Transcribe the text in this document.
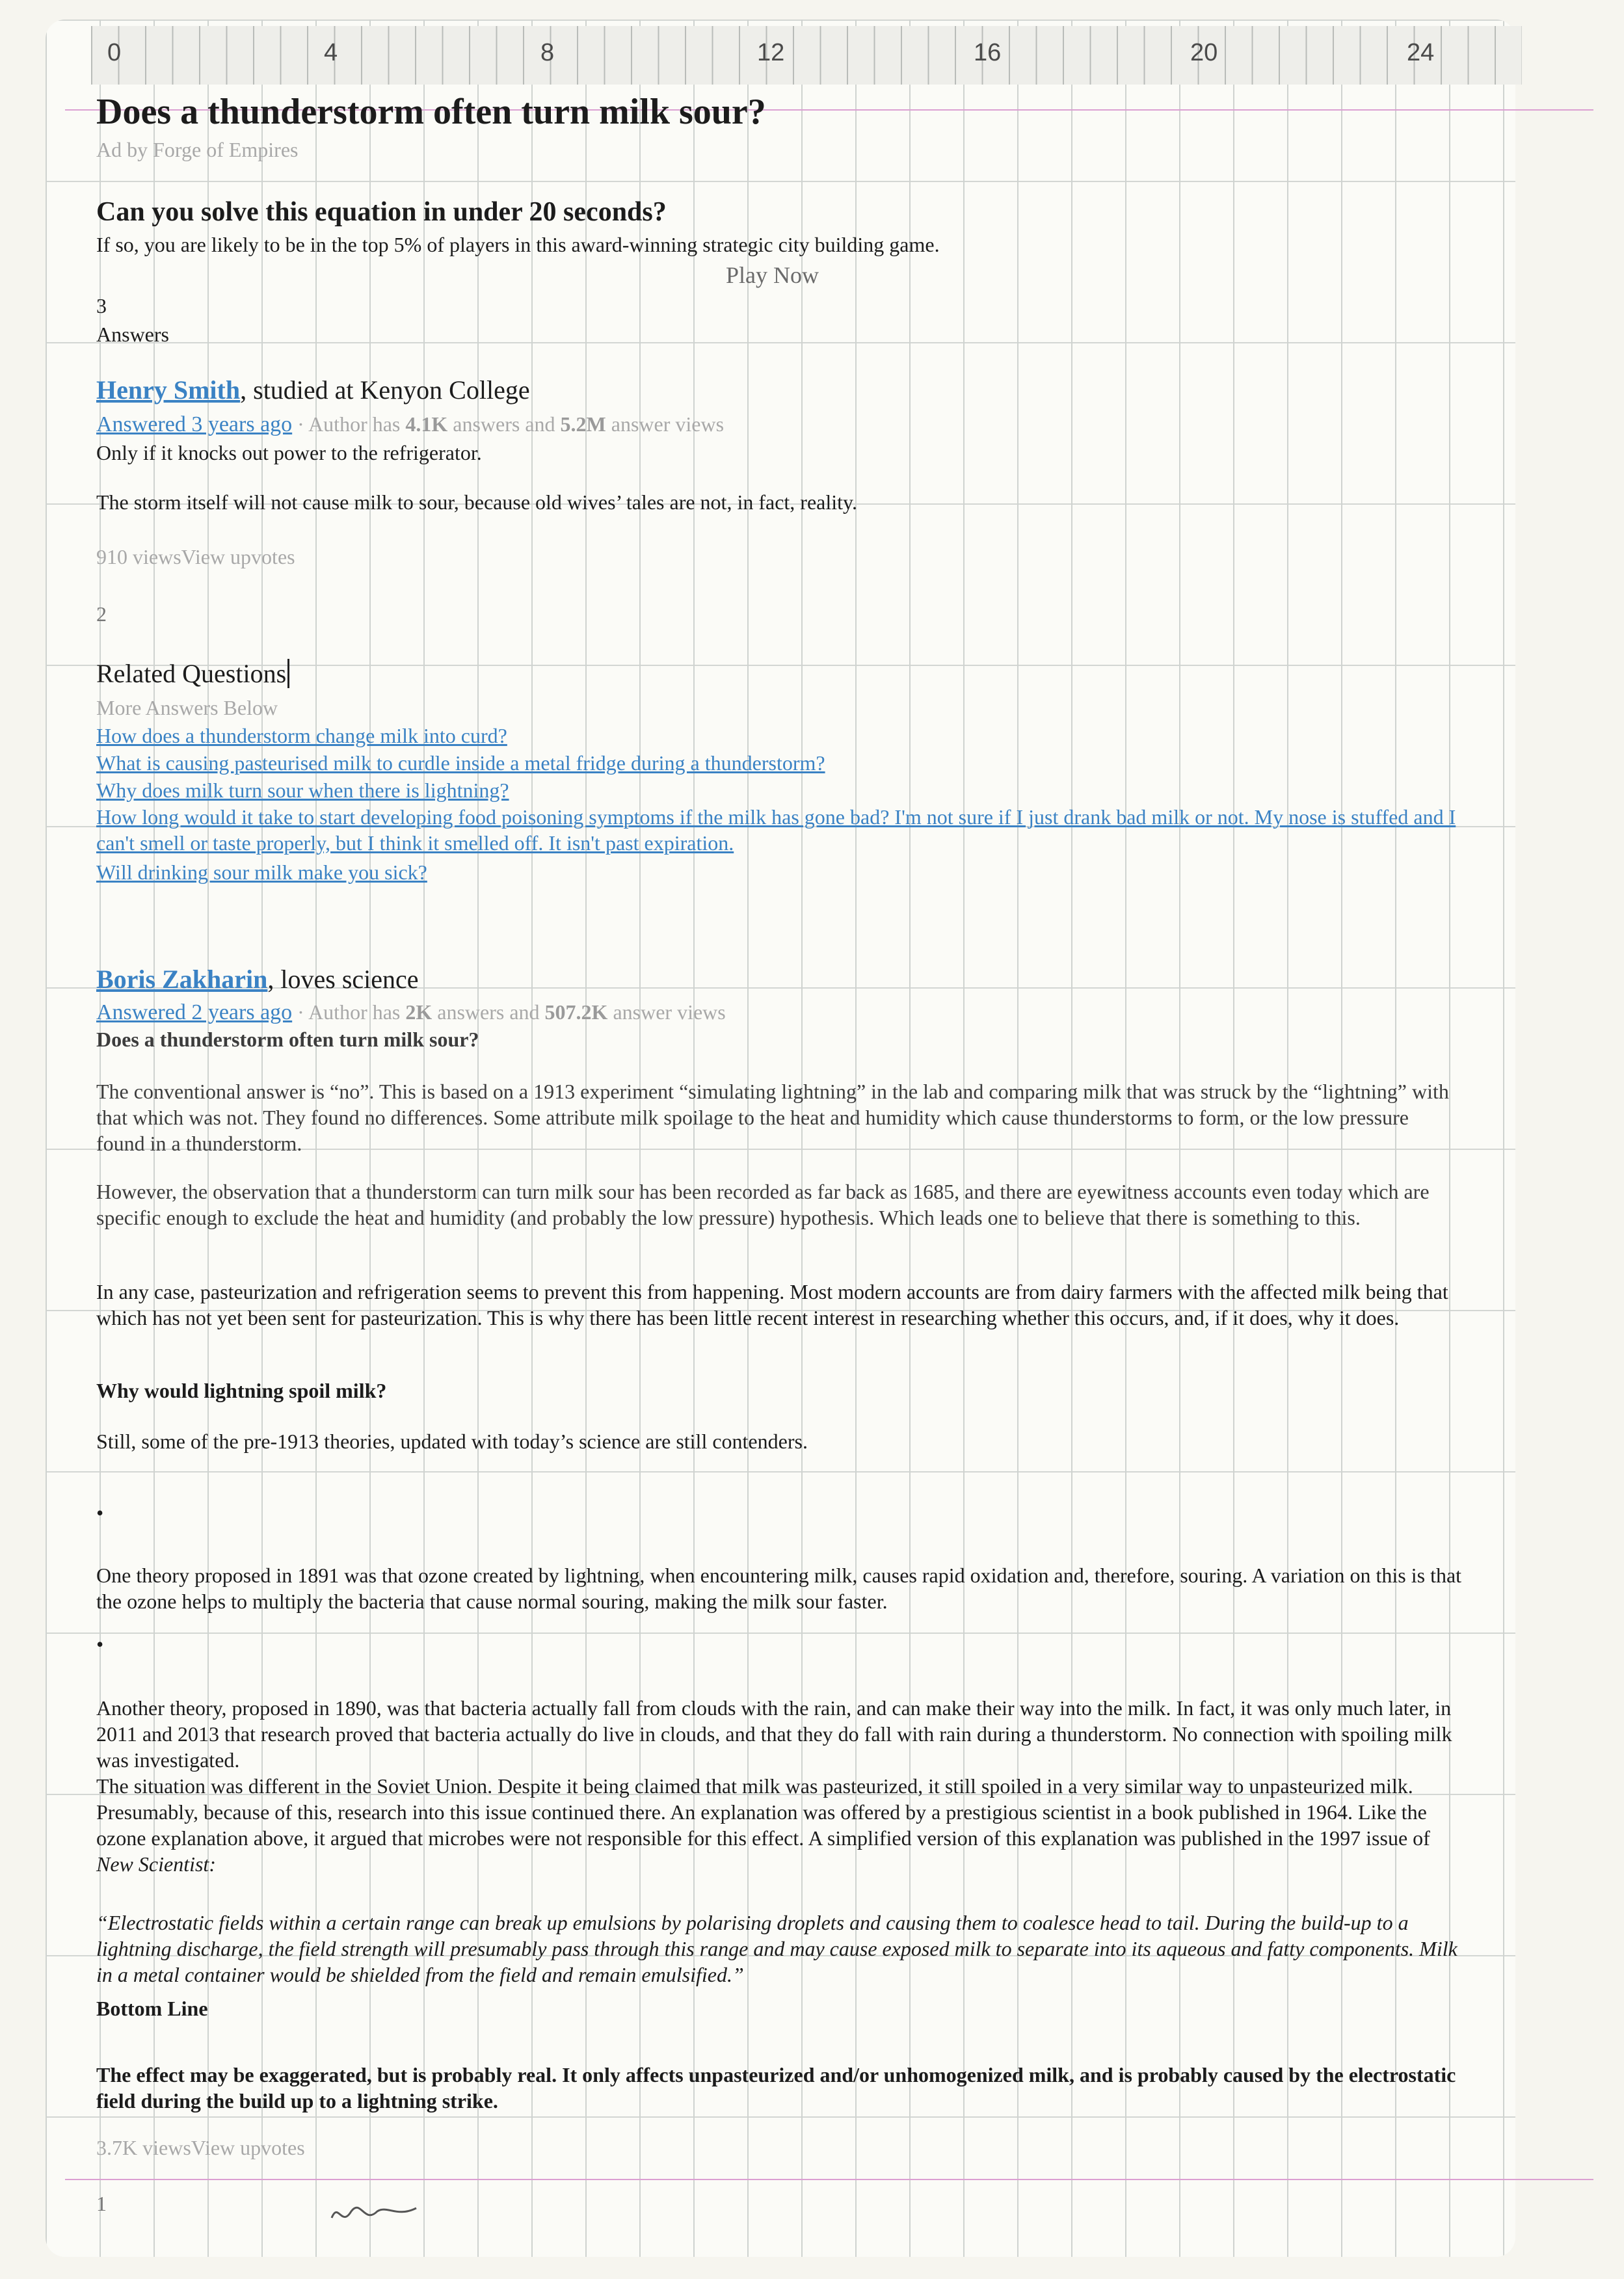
0	4	8	12	16	20	24
Does a thunderstorm often turn milk sour?
Ad by Forge of Empires
Can you solve this equation in under 20 seconds?
If so, you are likely to be in the top 5% of players in this award-winning strategic city building game.
Play Now
3
Answers
Henry Smith, studied at Kenyon College
Answered 3 years ago · Author has 4.1K answers and 5.2M answer views
Only if it knocks out power to the refrigerator.
The storm itself will not cause milk to sour, because old wives’ tales are not, in fact, reality.
910 viewsView upvotes
2
Related Questions
More Answers Below
How does a thunderstorm change milk into curd?
What is causing pasteurised milk to curdle inside a metal fridge during a thunderstorm?
Why does milk turn sour when there is lightning?
How long would it take to start developing food poisoning symptoms if the milk has gone bad? I'm not sure if I just drank bad milk or not. My nose is stuffed and I can't smell or taste properly, but I think it smelled off. It isn't past expiration.
Will drinking sour milk make you sick?
Boris Zakharin, loves science
Answered 2 years ago · Author has 2K answers and 507.2K answer views
Does a thunderstorm often turn milk sour?
The conventional answer is “no”. This is based on a 1913 experiment “simulating lightning” in the lab and comparing milk that was struck by the “lightning” with that which was not. They found no differences. Some attribute milk spoilage to the heat and humidity which cause thunderstorms to form, or the low pressure found in a thunderstorm.
However, the observation that a thunderstorm can turn milk sour has been recorded as far back as 1685, and there are eyewitness accounts even today which are specific enough to exclude the heat and humidity (and probably the low pressure) hypothesis. Which leads one to believe that there is something to this.
In any case, pasteurization and refrigeration seems to prevent this from happening. Most modern accounts are from dairy farmers with the affected milk being that which has not yet been sent for pasteurization. This is why there has been little recent interest in researching whether this occurs, and, if it does, why it does.
Why would lightning spoil milk?
Still, some of the pre-1913 theories, updated with today’s science are still contenders.
•
One theory proposed in 1891 was that ozone created by lightning, when encountering milk, causes rapid oxidation and, therefore, souring. A variation on this is that the ozone helps to multiply the bacteria that cause normal souring, making the milk sour faster.
•
Another theory, proposed in 1890, was that bacteria actually fall from clouds with the rain, and can make their way into the milk. In fact, it was only much later, in 2011 and 2013 that research proved that bacteria actually do live in clouds, and that they do fall with rain during a thunderstorm. No connection with spoiling milk was investigated.
The situation was different in the Soviet Union. Despite it being claimed that milk was pasteurized, it still spoiled in a very similar way to unpasteurized milk. Presumably, because of this, research into this issue continued there. An explanation was offered by a prestigious scientist in a book published in 1964. Like the ozone explanation above, it argued that microbes were not responsible for this effect. A simplified version of this explanation was published in the 1997 issue of New Scientist:
“Electrostatic fields within a certain range can break up emulsions by polarising droplets and causing them to coalesce head to tail. During the build-up to a lightning discharge, the field strength will presumably pass through this range and may cause exposed milk to separate into its aqueous and fatty components. Milk in a metal container would be shielded from the field and remain emulsified.”
Bottom Line
The effect may be exaggerated, but is probably real. It only affects unpasteurized and/or unhomogenized milk, and is probably caused by the electrostatic field during the build up to a lightning strike.
3.7K viewsView upvotes
1
